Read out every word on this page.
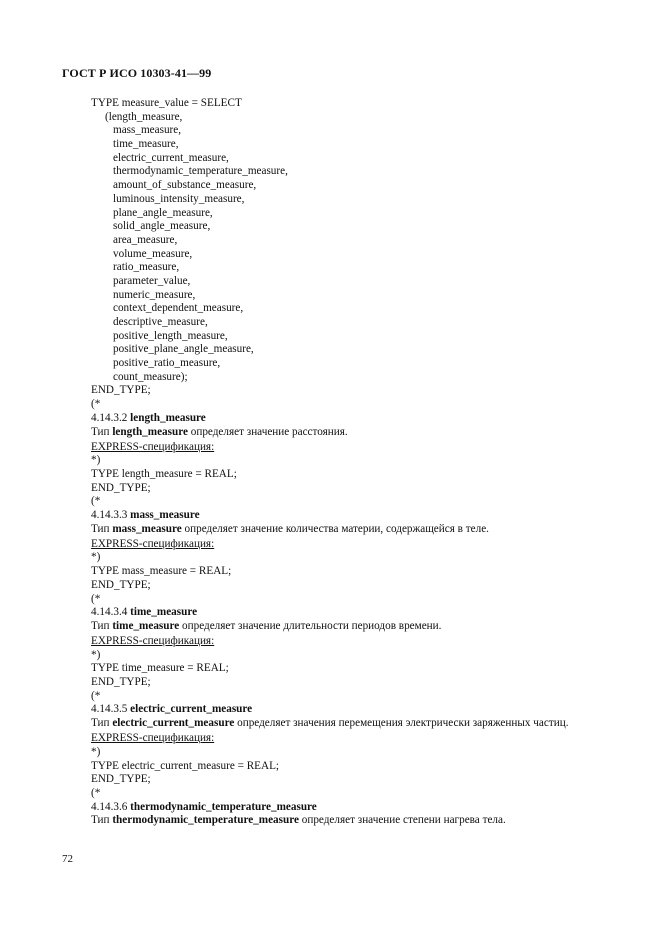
ГОСТ Р ИСО 10303-41—99
TYPE measure_value = SELECT
(length_measure,
mass_measure,
time_measure,
electric_current_measure,
thermodynamic_temperature_measure,
amount_of_substance_measure,
luminous_intensity_measure,
plane_angle_measure,
solid_angle_measure,
area_measure,
volume_measure,
ratio_measure,
parameter_value,
numeric_measure,
context_dependent_measure,
descriptive_measure,
positive_length_measure,
positive_plane_angle_measure,
positive_ratio_measure,
count_measure);
END_TYPE;
(*
4.14.3.2 length_measure
Тип length_measure определяет значение расстояния.
EXPRESS-спецификация:
*)
TYPE length_measure = REAL;
END_TYPE;
(*
4.14.3.3 mass_measure
Тип mass_measure определяет значение количества материи, содержащейся в теле.
EXPRESS-спецификация:
*)
TYPE mass_measure = REAL;
END_TYPE;
(*
4.14.3.4 time_measure
Тип time_measure определяет значение длительности периодов времени.
EXPRESS-спецификация:
*)
TYPE time_measure = REAL;
END_TYPE;
(*
4.14.3.5 electric_current_measure
Тип electric_current_measure определяет значения перемещения электрически заряженных частиц.
EXPRESS-спецификация:
*)
TYPE electric_current_measure = REAL;
END_TYPE;
(*
4.14.3.6 thermodynamic_temperature_measure
Тип thermodynamic_temperature_measure определяет значение степени нагрева тела.
72
